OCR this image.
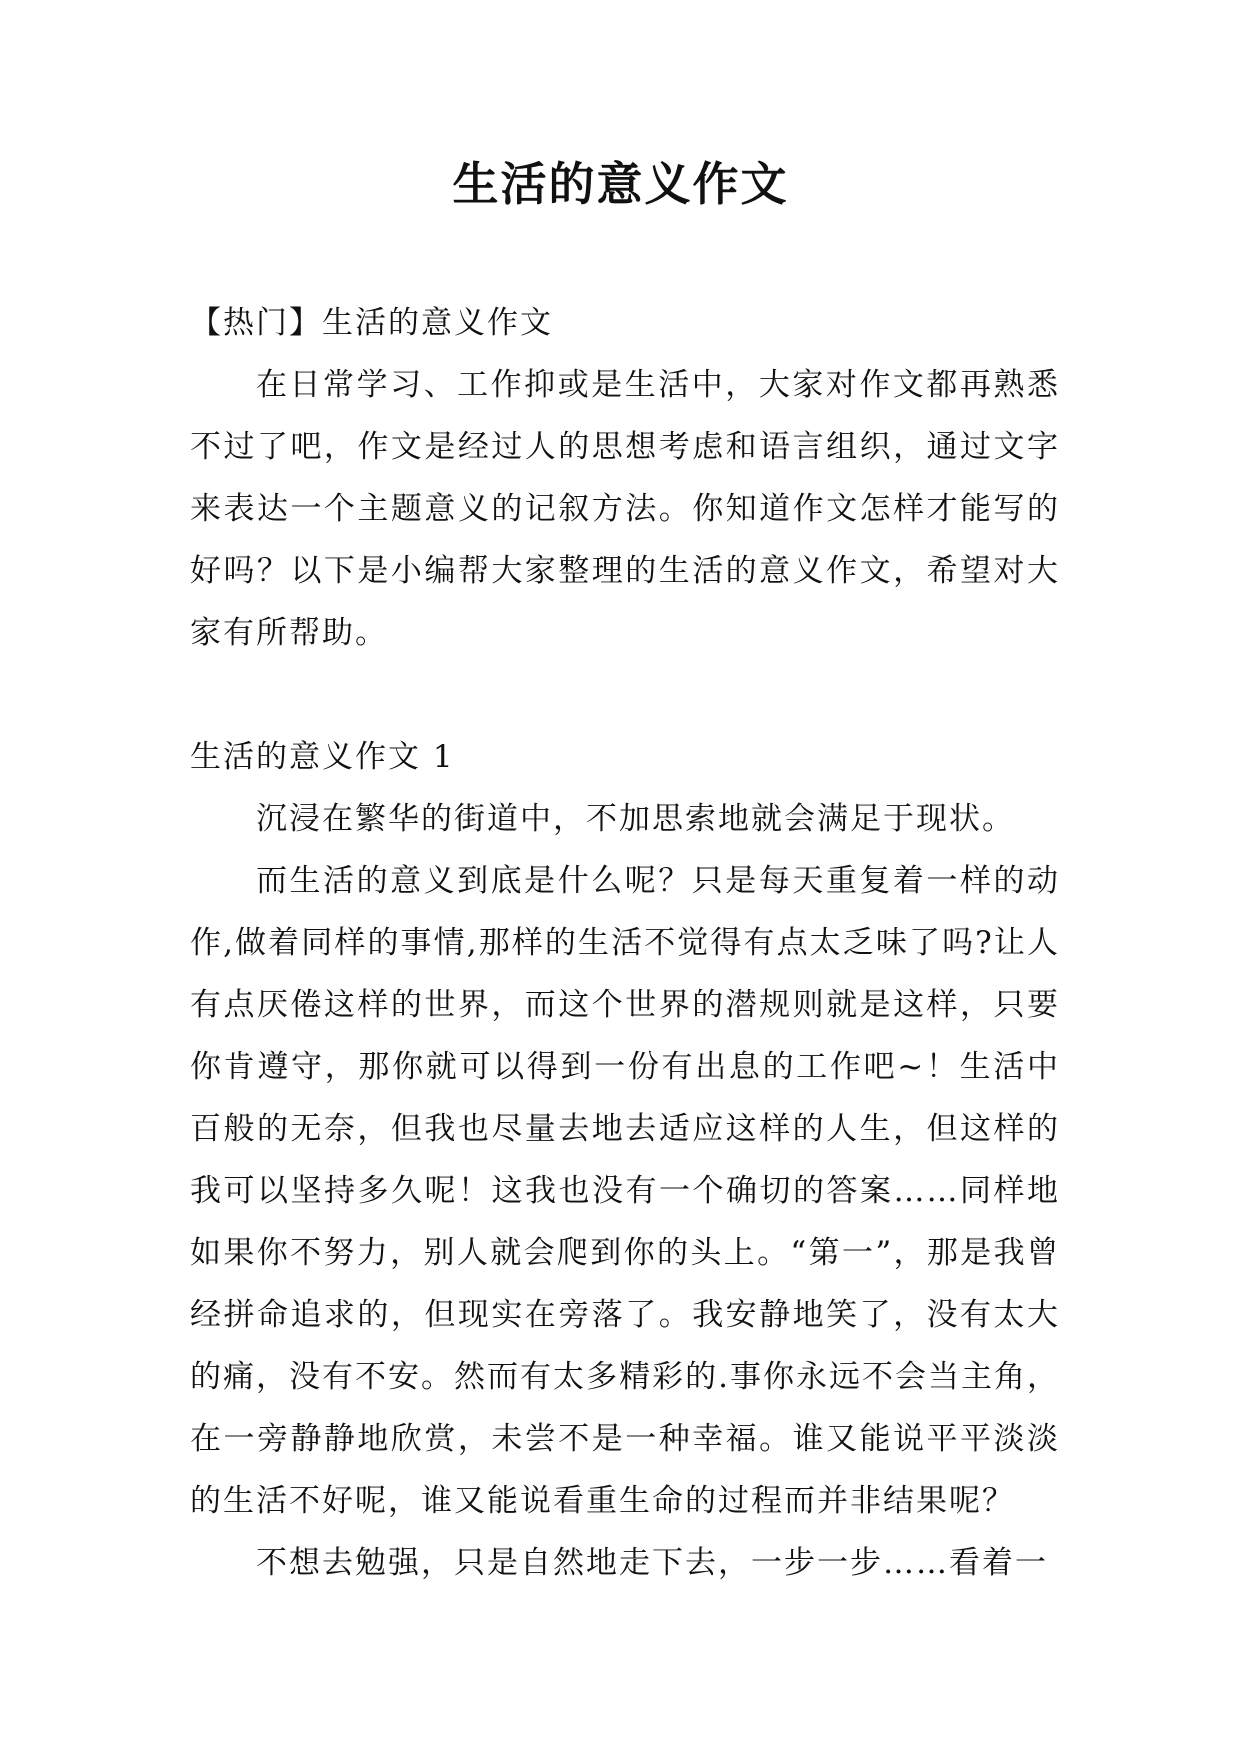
生活的意义作文

【热门】生活的意义作文

在日常学习、工作抑或是生活中，大家对作文都再熟悉不过了吧，作文是经过人的思想考虑和语言组织，通过文字来表达一个主题意义的记叙方法。你知道作文怎样才能写的好吗？以下是小编帮大家整理的生活的意义作文，希望对大家有所帮助。

生活的意义作文 1

沉浸在繁华的街道中，不加思索地就会满足于现状。

而生活的意义到底是什么呢？只是每天重复着一样的动作,做着同样的事情,那样的生活不觉得有点太乏味了吗?让人有点厌倦这样的世界，而这个世界的潜规则就是这样，只要你肯遵守，那你就可以得到一份有出息的工作吧~！生活中百般的无奈，但我也尽量去地去适应这样的人生，但这样的我可以坚持多久呢！这我也没有一个确切的答案……同样地如果你不努力，别人就会爬到你的头上。“第一”，那是我曾经拼命追求的，但现实在旁落了。我安静地笑了，没有太大的痛，没有不安。然而有太多精彩的.事你永远不会当主角，在一旁静静地欣赏，未尝不是一种幸福。谁又能说平平淡淡的生活不好呢，谁又能说看重生命的过程而并非结果呢？

不想去勉强，只是自然地走下去，一步一步……看着一
